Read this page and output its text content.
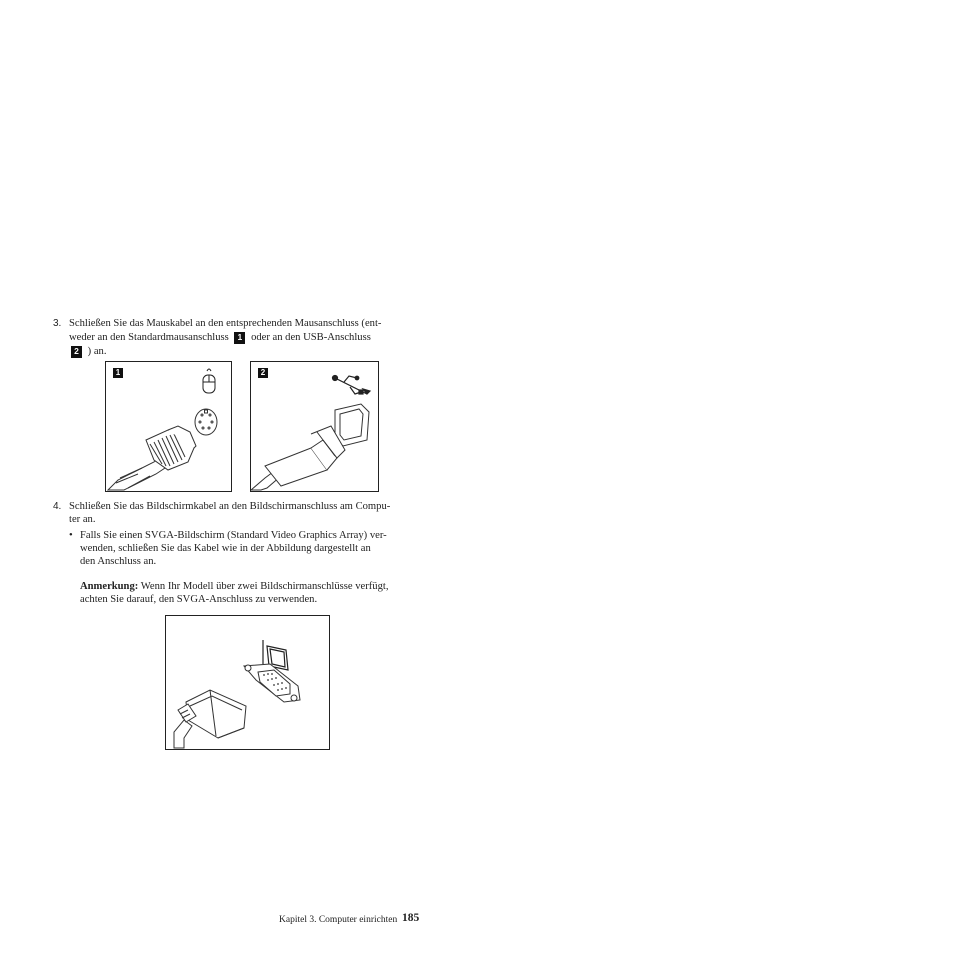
3. Schließen Sie das Mauskabel an den entsprechenden Mausanschluss (ent-
weder an den Standardmausanschluss 1 oder an den USB-Anschluss
2 ) an.
1	2
4. Schließen Sie das Bildschirmkabel an den Bildschirmanschluss am Compu-
ter an.
• Falls Sie einen SVGA-Bildschirm (Standard Video Graphics Array) ver-
wenden, schließen Sie das Kabel wie in der Abbildung dargestellt an
den Anschluss an.
Anmerkung: Wenn Ihr Modell über zwei Bildschirmanschlüsse verfügt,
achten Sie darauf, den SVGA-Anschluss zu verwenden.
Kapitel 3. Computer einrichten 185
